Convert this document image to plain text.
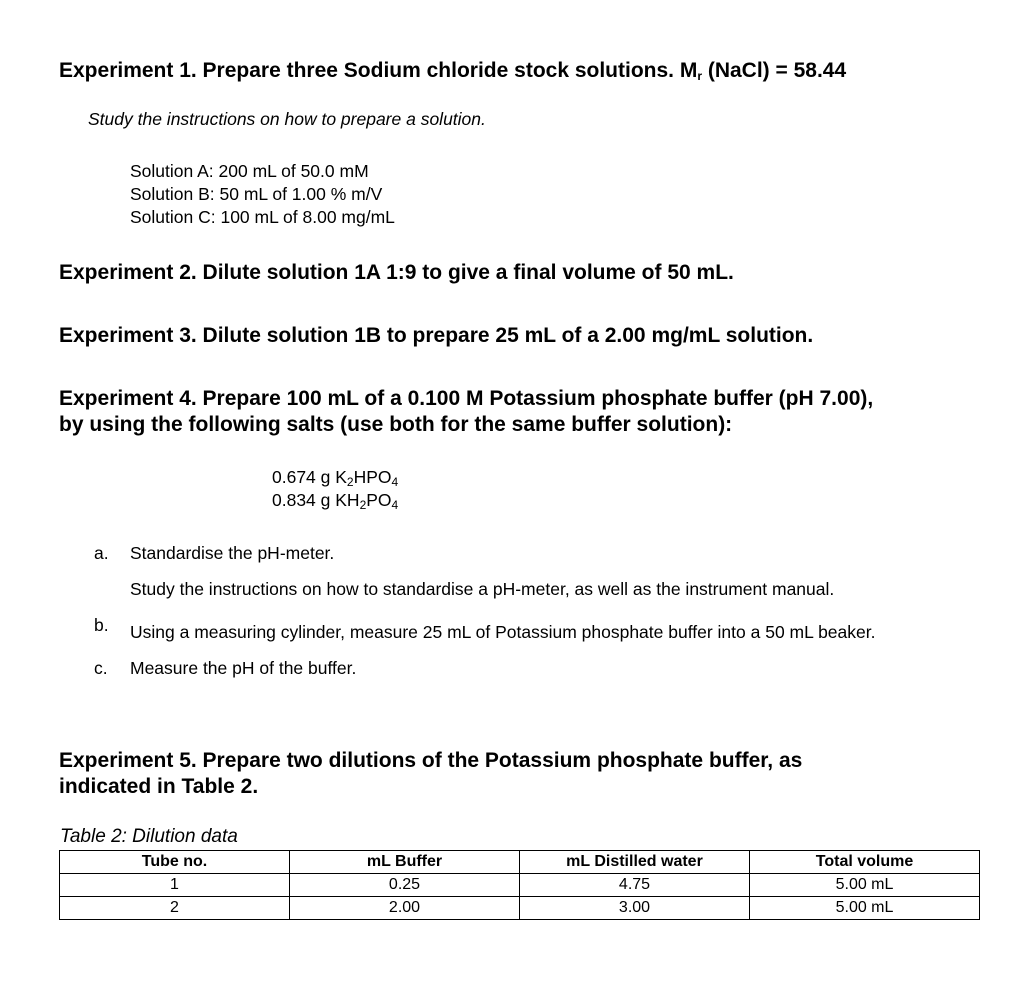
Experiment 1. Prepare three Sodium chloride stock solutions. $M_r$ (NaCl) = 58.44
Study the instructions on how to prepare a solution.
Solution A: 200 mL of 50.0 mM
Solution B: 50 mL of 1.00 % m/V
Solution C: 100 mL of 8.00 mg/mL
Experiment 2. Dilute solution 1A 1:9 to give a final volume of 50 mL.
Experiment 3. Dilute solution 1B to prepare 25 mL of a 2.00 mg/mL solution.
Experiment 4. Prepare 100 mL of a 0.100 M Potassium phosphate buffer (pH 7.00),
by using the following salts (use both for the same buffer solution):
0.674 g $K_2HPO_4$
0.834 g $KH_2PO_4$
a.	Standardise the pH-meter.
Study the instructions on how to standardise a pH-meter, as well as the instrument manual.
b.	Using a measuring cylinder, measure 25 mL of Potassium phosphate buffer into a 50 mL beaker.
c.	Measure the pH of the buffer.
Experiment 5. Prepare two dilutions of the Potassium phosphate buffer, as
indicated in Table 2.
Table 2: Dilution data
Tube no.	mL Buffer	mL Distilled water	Total volume
1	0.25	4.75	5.00 mL
2	2.00	3.00	5.00 mL
